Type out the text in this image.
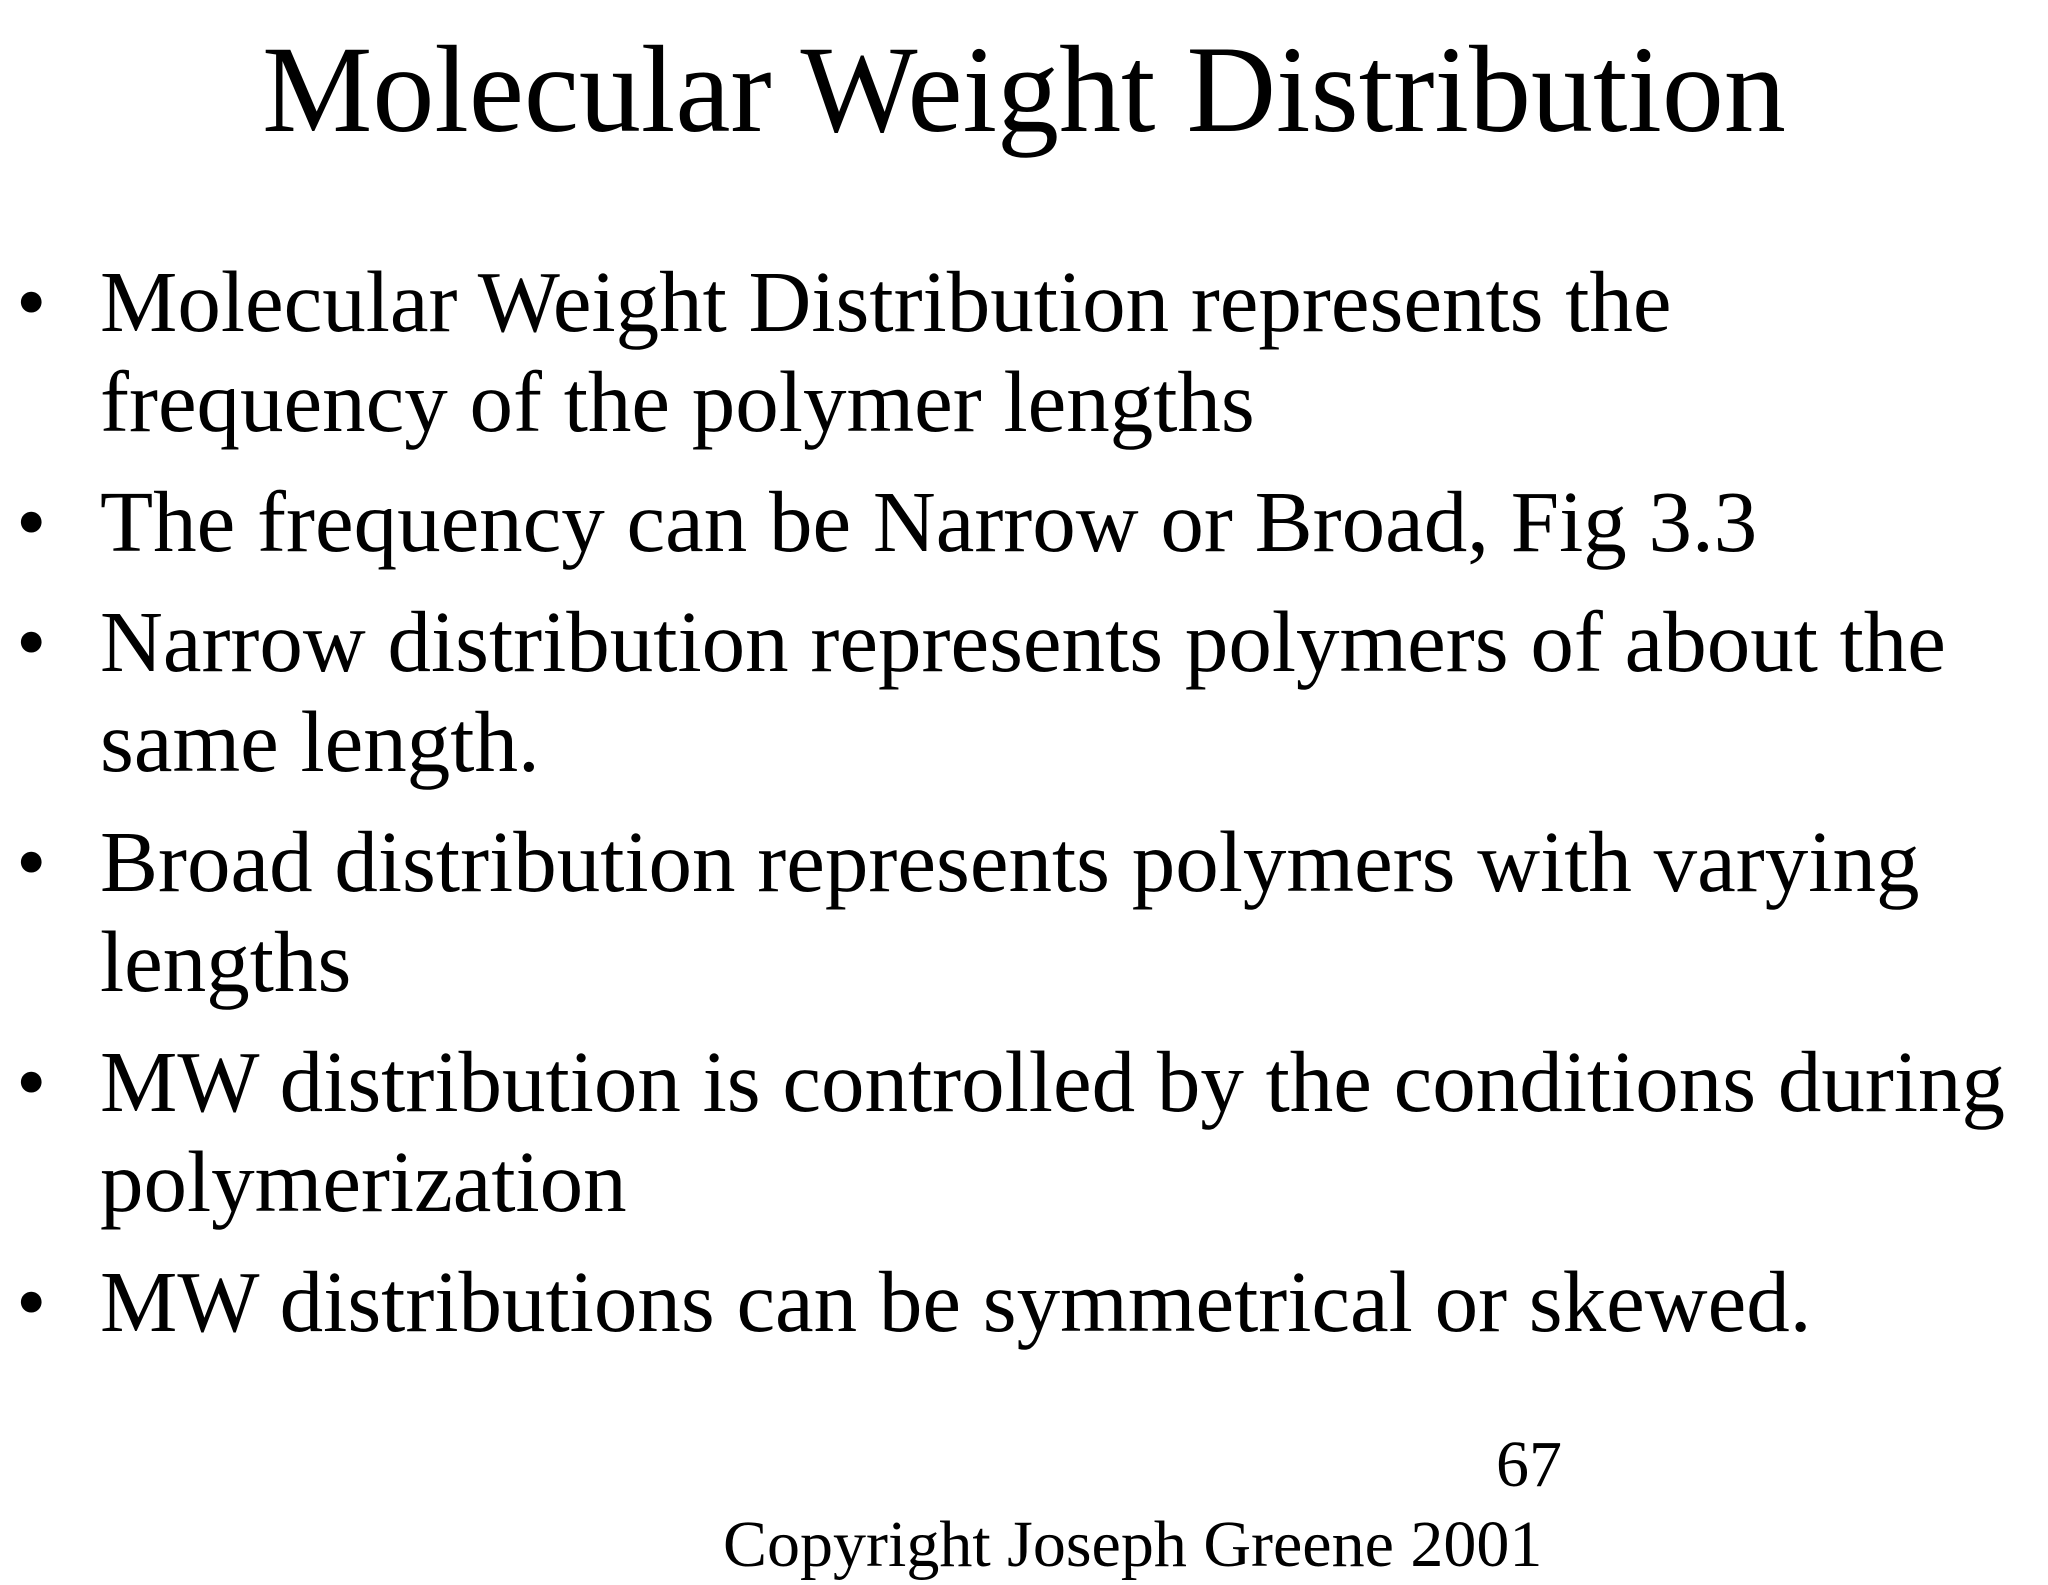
Molecular Weight Distribution
• Molecular Weight Distribution represents the frequency of the polymer lengths
• The frequency can be Narrow or Broad, Fig 3.3
• Narrow distribution represents polymers of about the same length.
• Broad distribution represents polymers with varying lengths
• MW distribution is controlled by the conditions during polymerization
• MW distributions can be symmetrical or skewed.
67
Copyright Joseph Greene 2001
